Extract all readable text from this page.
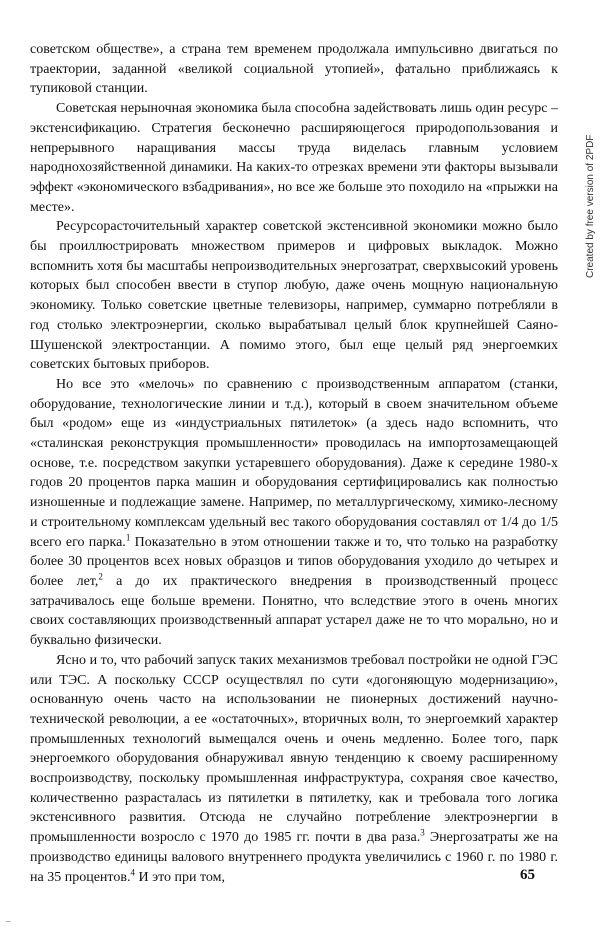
советском обществе», а страна тем временем продолжала импульсивно двигаться по траектории, заданной «великой социальной утопией», фатально приближаясь к тупиковой станции.

Советская нерыночная экономика была способна задействовать лишь один ресурс – экстенсификацию. Стратегия бесконечно расширяющегося природопользования и непрерывного наращивания массы труда виделась главным условием народнохозяйственной динамики. На каких-то отрезках времени эти факторы вызывали эффект «экономического взбадривания», но все же больше это походило на «прыжки на месте».

Ресурсорасточительный характер советской экстенсивной экономики можно было бы проиллюстрировать множеством примеров и цифровых выкладок. Можно вспомнить хотя бы масштабы непроизводительных энергозатрат, сверхвысокий уровень которых был способен ввести в ступор любую, даже очень мощную национальную экономику. Только советские цветные телевизоры, например, суммарно потребляли в год столько электроэнергии, сколько вырабатывал целый блок крупнейшей Саяно-Шушенской электростанции. А помимо этого, был еще целый ряд энергоемких советских бытовых приборов.

Но все это «мелочь» по сравнению с производственным аппаратом (станки, оборудование, технологические линии и т.д.), который в своем значительном объеме был «родом» еще из «индустриальных пятилеток» (а здесь надо вспомнить, что «сталинская реконструкция промышленности» проводилась на импортозамещающей основе, т.е. посредством закупки устаревшего оборудования). Даже к середине 1980-х годов 20 процентов парка машин и оборудования сертифицировались как полностью изношенные и подлежащие замене. Например, по металлургическому, химико-лесному и строительному комплексам удельный вес такого оборудования составлял от 1/4 до 1/5 всего его парка.$^1$ Показательно в этом отношении также и то, что только на разработку более 30 процентов всех новых образцов и типов оборудования уходило до четырех и более лет,$^2$ а до их практического внедрения в производственный процесс затрачивалось еще больше времени. Понятно, что вследствие этого в очень многих своих составляющих производственный аппарат устарел даже не то что морально, но и буквально физически.

Ясно и то, что рабочий запуск таких механизмов требовал постройки не одной ГЭС или ТЭС. А поскольку СССР осуществлял по сути «догоняющую модернизацию», основанную очень часто на использовании не пионерных достижений научно-технической революции, а ее «остаточных», вторичных волн, то энергоемкий характер промышленных технологий вымещался очень и очень медленно. Более того, парк энергоемкого оборудования обнаруживал явную тенденцию к своему расширенному воспроизводству, поскольку промышленная инфраструктура, сохраняя свое качество, количественно разрасталась из пятилетки в пятилетку, как и требовала того логика экстенсивного развития. Отсюда не случайно потребление электроэнергии в промышленности возросло с 1970 до 1985 гг. почти в два раза.$^3$ Энергозатраты же на производство единицы валового внутреннего продукта увеличились с 1960 г. по 1980 г. на 35 процентов.$^4$ И это при том,	65
Created by free version of 2PDF
–
